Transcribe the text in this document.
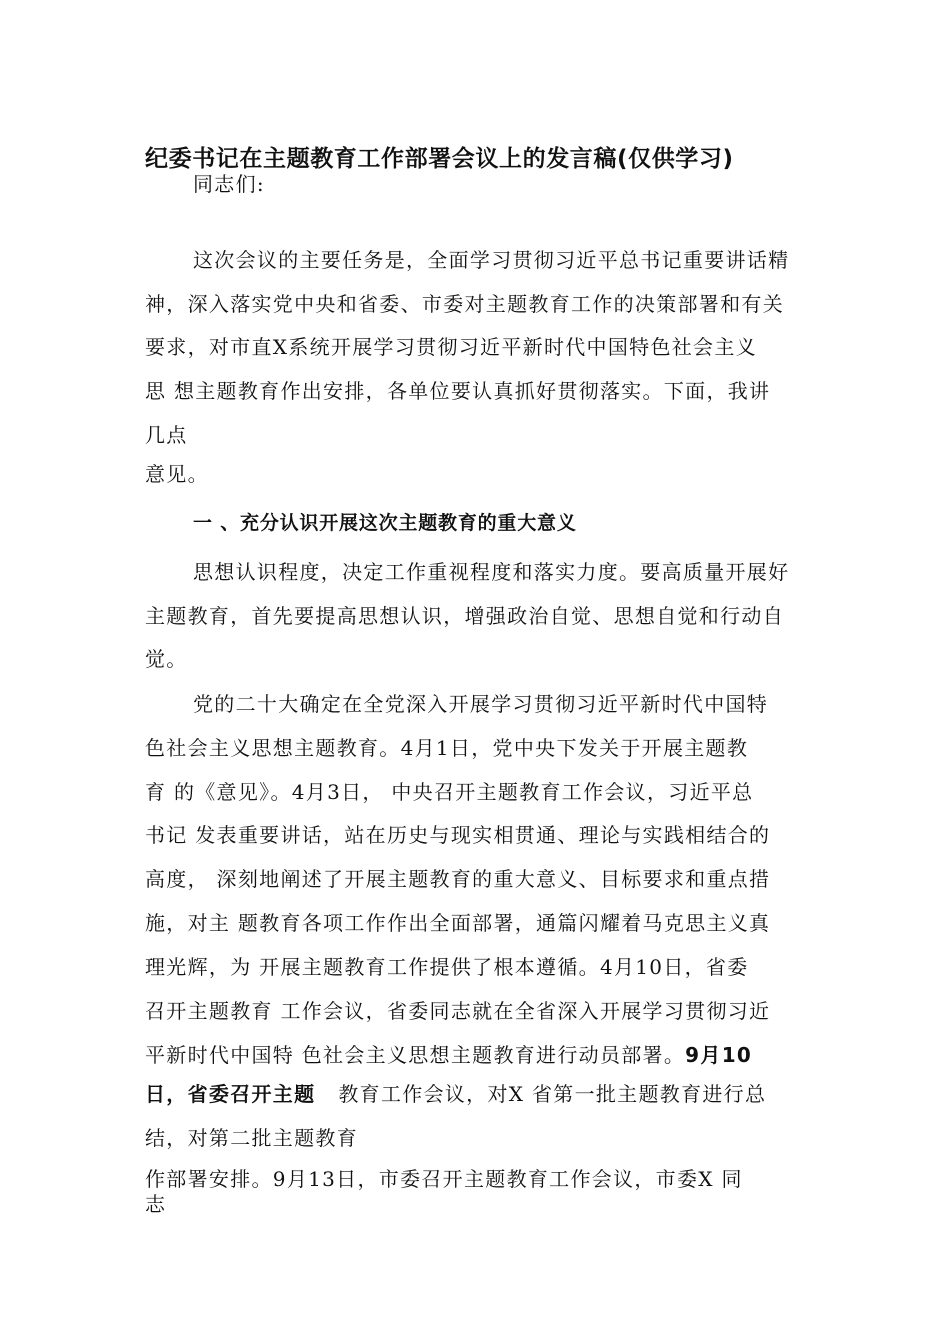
纪委书记在主题教育工作部署会议上的发言稿(仅供学习)
同志们:
这次会议的主要任务是，全面学习贯彻习近平总书记重要讲话精
神，深入落实党中央和省委、市委对主题教育工作的决策部署和有关
要求，对市直X系统开展学习贯彻习近平新时代中国特色社会主义
思 想主题教育作出安排，各单位要认真抓好贯彻落实。下面，我讲
几点
意见。
一 、充分认识开展这次主题教育的重大意义
思想认识程度，决定工作重视程度和落实力度。要高质量开展好
主题教育，首先要提高思想认识，增强政治自觉、思想自觉和行动自
觉。
党的二十大确定在全党深入开展学习贯彻习近平新时代中国特
色社会主义思想主题教育。4月1日，党中央下发关于开展主题教
育 的《意见》。4月3日， 中央召开主题教育工作会议，习近平总
书记 发表重要讲话，站在历史与现实相贯通、理论与实践相结合的
高度， 深刻地阐述了开展主题教育的重大意义、目标要求和重点措
施，对主 题教育各项工作作出全面部署，通篇闪耀着马克思主义真
理光辉，为 开展主题教育工作提供了根本遵循。4月10日，省委
召开主题教育 工作会议，省委同志就在全省深入开展学习贯彻习近
平新时代中国特 色社会主义思想主题教育进行动员部署。9月10
日，省委召开主题   教育工作会议，对X 省第一批主题教育进行总
结，对第二批主题教育
作部署安排。9月13日，市委召开主题教育工作会议，市委X 同
志
